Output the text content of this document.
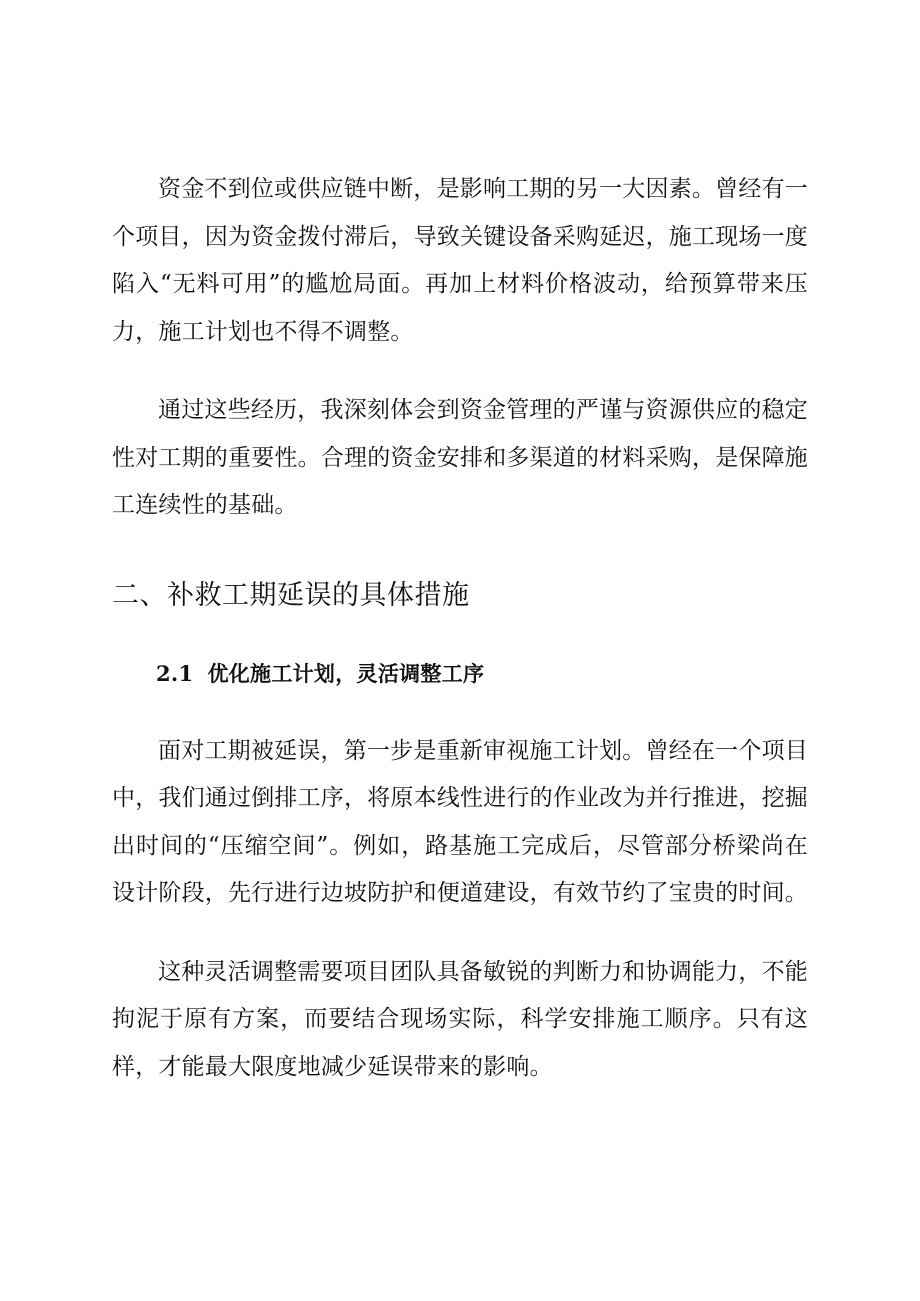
资金不到位或供应链中断，是影响工期的另一大因素。曾经有一个项目，因为资金拨付滞后，导致关键设备采购延迟，施工现场一度陷入“无料可用”的尴尬局面。再加上材料价格波动，给预算带来压力，施工计划也不得不调整。

通过这些经历，我深刻体会到资金管理的严谨与资源供应的稳定性对工期的重要性。合理的资金安排和多渠道的材料采购，是保障施工连续性的基础。

二、补救工期延误的具体措施
2.1 优化施工计划，灵活调整工序

面对工期被延误，第一步是重新审视施工计划。曾经在一个项目中，我们通过倒排工序，将原本线性进行的作业改为并行推进，挖掘出时间的“压缩空间”。例如，路基施工完成后，尽管部分桥梁尚在设计阶段，先行进行边坡防护和便道建设，有效节约了宝贵的时间。

这种灵活调整需要项目团队具备敏锐的判断力和协调能力，不能拘泥于原有方案，而要结合现场实际，科学安排施工顺序。只有这样，才能最大限度地减少延误带来的影响。
